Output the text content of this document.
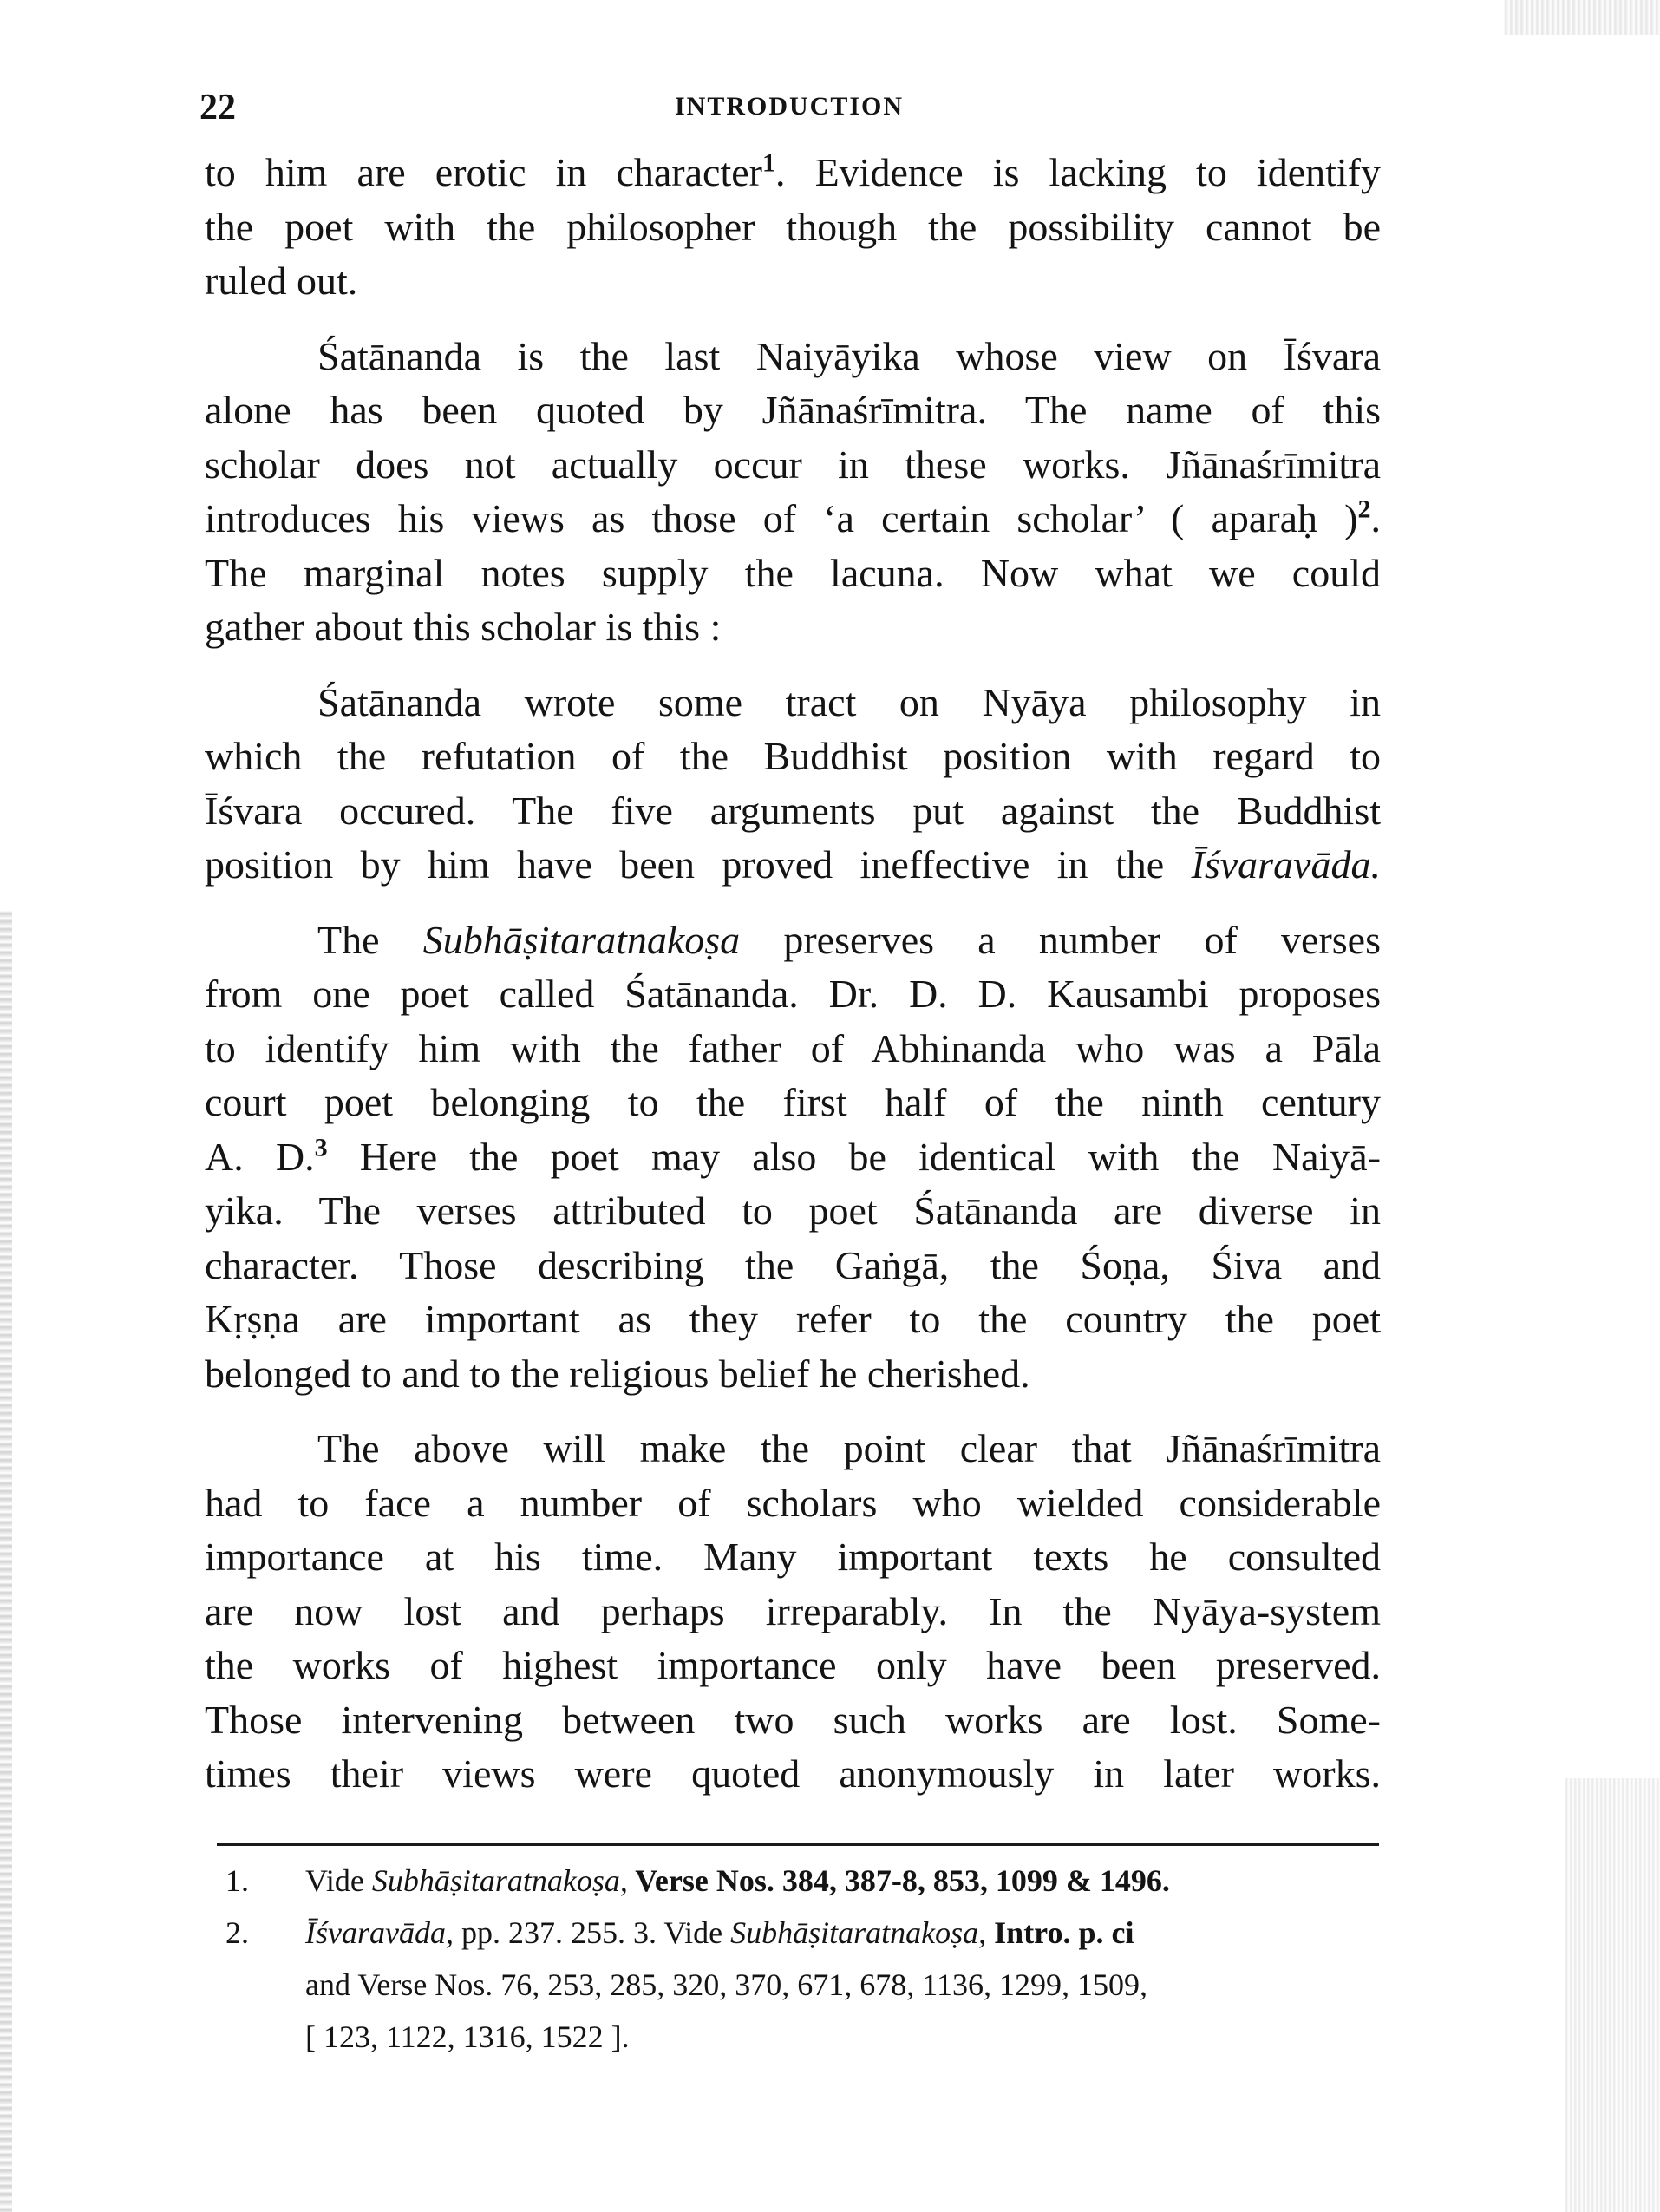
22	INTRODUCTION
to him are erotic in character$^1$. Evidence is lacking to identify
the poet with the philosopher though the possibility cannot be
ruled out.
Śatānanda is the last Naiyāyika whose view on Īśvara
alone has been quoted by Jñānaśrīmitra. The name of this
scholar does not actually occur in these works. Jñānaśrīmitra
introduces his views as those of ‘a certain scholar’ ( aparaḥ )$^2$.
The marginal notes supply the lacuna. Now what we could
gather about this scholar is this :
Śatānanda wrote some tract on Nyāya philosophy in
which the refutation of the Buddhist position with regard to
Īśvara occured. The five arguments put against the Buddhist
position by him have been proved ineffective in the Īśvaravāda.
The Subhāṣitaratnakoṣa preserves a number of verses
from one poet called Śatānanda. Dr. D. D. Kausambi proposes
to identify him with the father of Abhinanda who was a Pāla
court poet belonging to the first half of the ninth century
A. D.$^3$ Here the poet may also be identical with the Naiyā-
yika. The verses attributed to poet Śatānanda are diverse in
character. Those describing the Gaṅgā, the Śoṇa, Śiva and
Kṛṣṇa are important as they refer to the country the poet
belonged to and to the religious belief he cherished.
The above will make the point clear that Jñānaśrīmitra
had to face a number of scholars who wielded considerable
importance at his time. Many important texts he consulted
are now lost and perhaps irreparably. In the Nyāya-system
the works of highest importance only have been preserved.
Those intervening between two such works are lost. Some-
times their views were quoted anonymously in later works.
1. Vide Subhāṣitaratnakoṣa, Verse Nos. 384, 387-8, 853, 1099 & 1496.
2. Īśvaravāda, pp. 237. 255. 3. Vide Subhāṣitaratnakoṣa, Intro. p. ci
and Verse Nos. 76, 253, 285, 320, 370, 671, 678, 1136, 1299, 1509,
[ 123, 1122, 1316, 1522 ].
